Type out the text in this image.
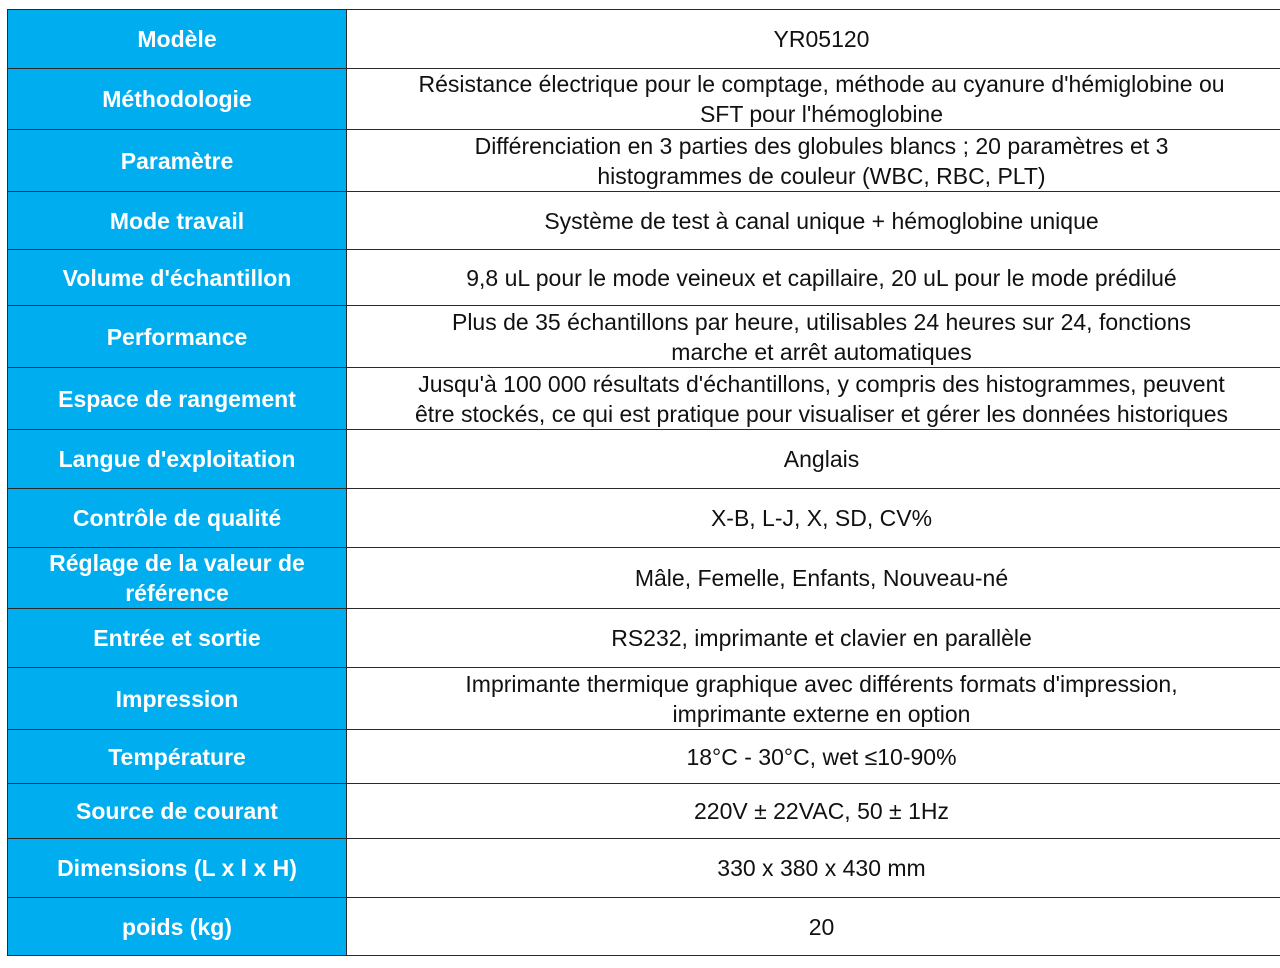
Modèle	YR05120

Méthodologie	Résistance électrique pour le comptage, méthode au cyanure d'hémiglobine ou
SFT pour l'hémoglobine

Paramètre	Différenciation en 3 parties des globules blancs ; 20 paramètres et 3
histogrammes de couleur (WBC, RBC, PLT)

Mode travail	Système de test à canal unique + hémoglobine unique

Volume d'échantillon	9,8 uL pour le mode veineux et capillaire, 20 uL pour le mode prédilué

Performance	Plus de 35 échantillons par heure, utilisables 24 heures sur 24, fonctions
marche et arrêt automatiques

Espace de rangement	Jusqu'à 100 000 résultats d'échantillons, y compris des histogrammes, peuvent
être stockés, ce qui est pratique pour visualiser et gérer les données historiques

Langue d'exploitation	Anglais

Contrôle de qualité	X-B, L-J, X, SD, CV%

Réglage de la valeur de référence	Mâle, Femelle, Enfants, Nouveau-né

Entrée et sortie	RS232, imprimante et clavier en parallèle

Impression	Imprimante thermique graphique avec différents formats d'impression,
imprimante externe en option

Température	18°C - 30°C, wet ≤10-90%

Source de courant	220V ± 22VAC, 50 ± 1Hz

Dimensions (L x l x H)	330 x 380 x 430 mm

poids (kg)	20
